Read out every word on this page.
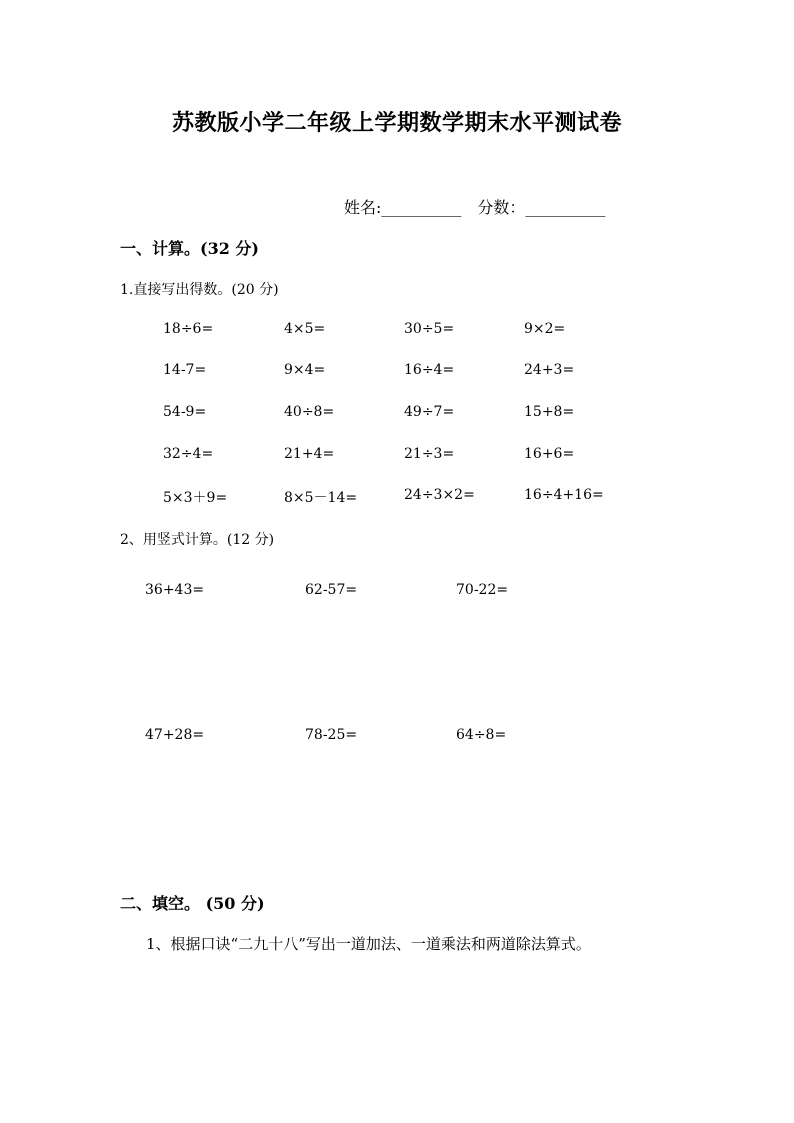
苏教版小学二年级上学期数学期末水平测试卷
姓名:__________ 分数：__________
一、计算。(32 分)
1.直接写出得数。(20 分)
18÷6=	4×5=	30÷5=	9×2=
14-7=	9×4=	16÷4=	24+3=
54-9=	40÷8=	49÷7=	15+8=
32÷4=	21+4=	21÷3=	16+6=
5×3＋9=	8×5－14=	24÷3×2=	16÷4+16=
2、用竖式计算。(12 分)
36+43=	62-57=	70-22=
47+28=	78-25=	64÷8=
二、填空。 (50 分)
1、根据口诀“二九十八”写出一道加法、一道乘法和两道除法算式。
